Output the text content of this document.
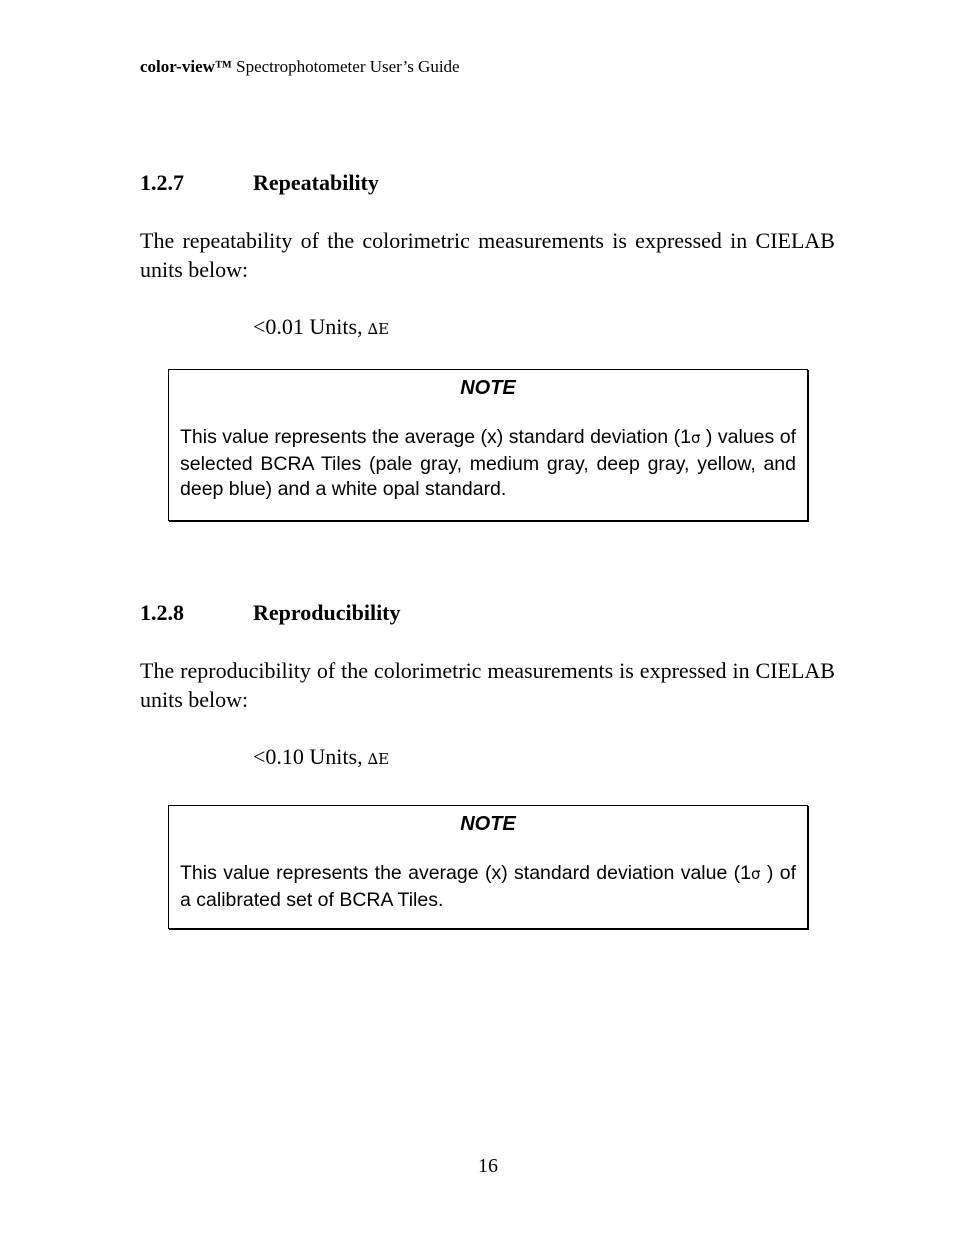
color-view™ Spectrophotometer User’s Guide
1.2.7	Repeatability

The repeatability of the colorimetric measurements is expressed in CIELAB units below:

<0.01 Units, ∆E
NOTE
This value represents the average (x) standard deviation (1σ ) values of selected BCRA Tiles (pale gray, medium gray, deep gray, yellow, and deep blue) and a white opal standard.
1.2.8	Reproducibility

The reproducibility of the colorimetric measurements is expressed in CIELAB units below:

<0.10 Units, ∆E
NOTE
This value represents the average (x) standard deviation value (1σ ) of a calibrated set of BCRA Tiles.
16
